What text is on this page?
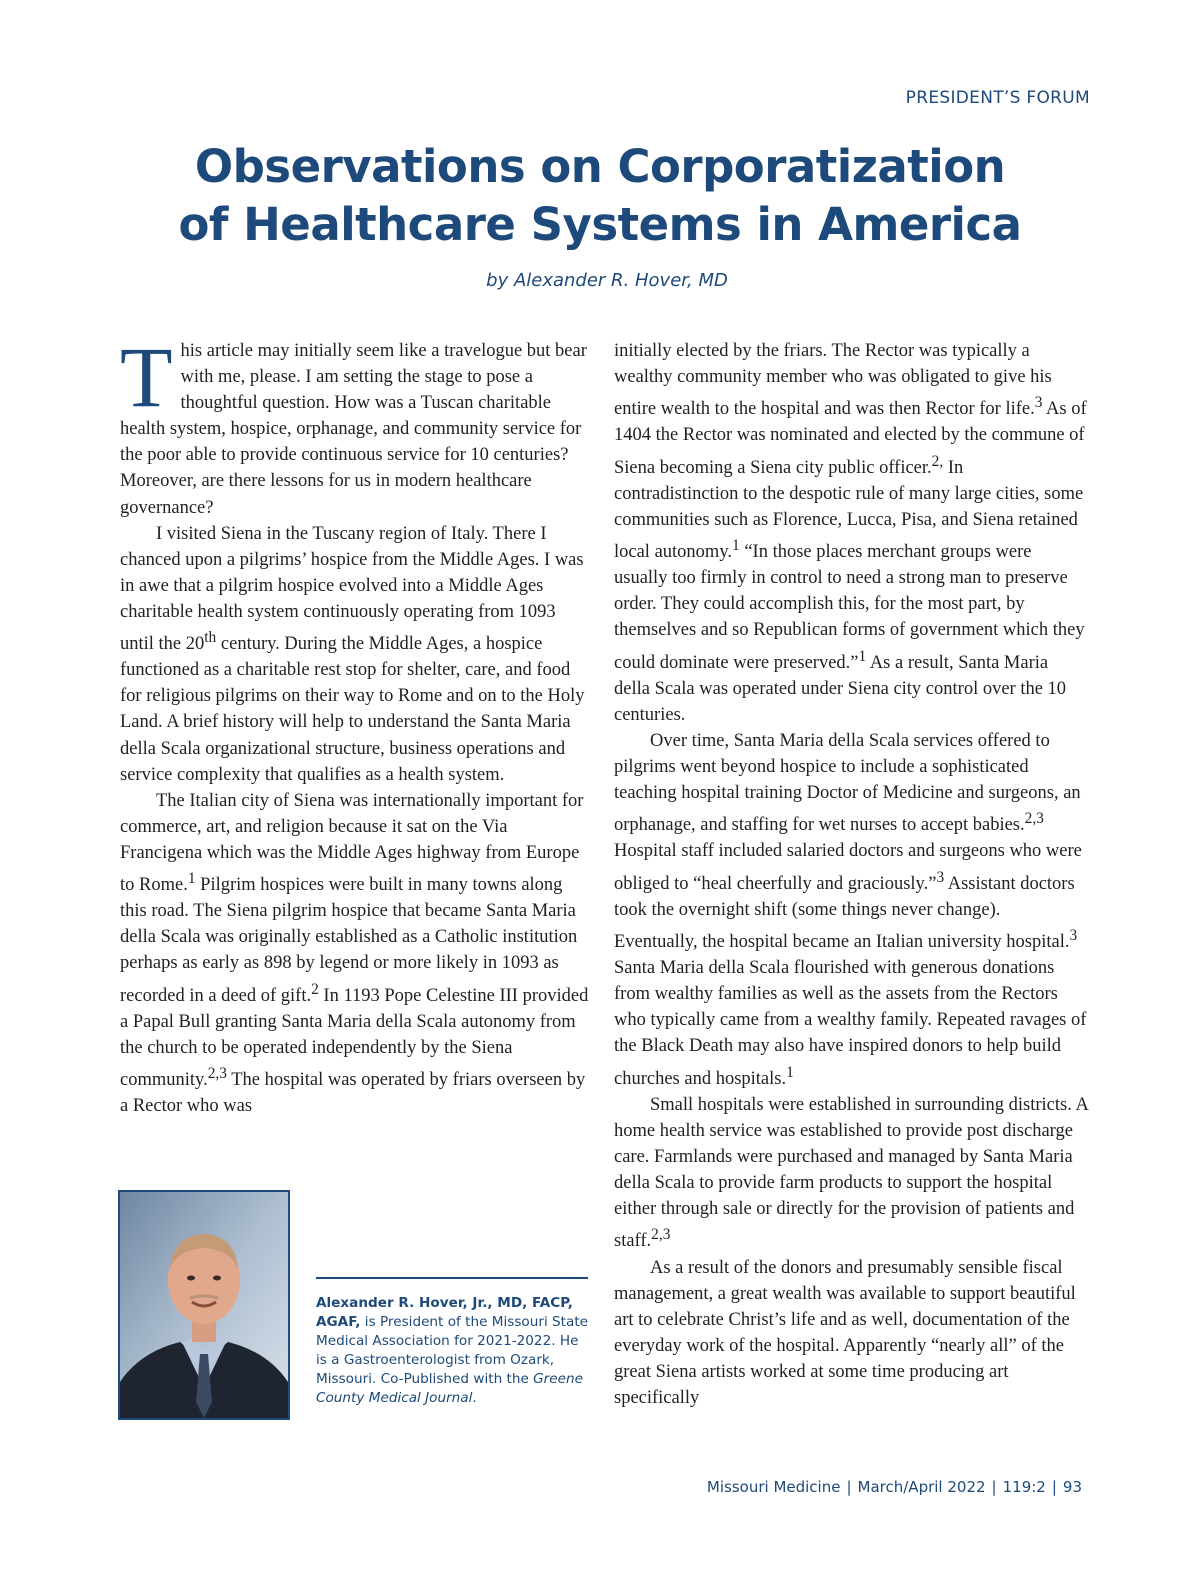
PRESIDENT’S FORUM
Observations on Corporatization
of Healthcare Systems in America
by Alexander R. Hover, MD

This article may initially seem like a travelogue but bear with me, please. I am setting the stage to pose a thoughtful question. How was a Tuscan charitable health system, hospice, orphanage, and community service for the poor able to provide continuous service for 10 centuries? Moreover, are there lessons for us in modern healthcare governance?

I visited Siena in the Tuscany region of Italy. There I chanced upon a pilgrims’ hospice from the Middle Ages. I was in awe that a pilgrim hospice evolved into a Middle Ages charitable health system continuously operating from 1093 until the 20th century. During the Middle Ages, a hospice functioned as a charitable rest stop for shelter, care, and food for religious pilgrims on their way to Rome and on to the Holy Land. A brief history will help to understand the Santa Maria della Scala organizational structure, business operations and service complexity that qualifies as a health system.

The Italian city of Siena was internationally important for commerce, art, and religion because it sat on the Via Francigena which was the Middle Ages highway from Europe to Rome.$^1$ Pilgrim hospices were built in many towns along this road. The Siena pilgrim hospice that became Santa Maria della Scala was originally established as a Catholic institution perhaps as early as 898 by legend or more likely in 1093 as recorded in a deed of gift.$^2$ In 1193 Pope Celestine III provided a Papal Bull granting Santa Maria della Scala autonomy from the church to be operated independently by the Siena community.$^{2,3}$ The hospital was operated by friars overseen by a Rector who was

initially elected by the friars. The Rector was typically a wealthy community member who was obligated to give his entire wealth to the hospital and was then Rector for life.$^3$ As of 1404 the Rector was nominated and elected by the commune of Siena becoming a Siena city public officer.$^{2,}$ In contradistinction to the despotic rule of many large cities, some communities such as Florence, Lucca, Pisa, and Siena retained local autonomy.$^1$ “In those places merchant groups were usually too firmly in control to need a strong man to preserve order. They could accomplish this, for the most part, by themselves and so Republican forms of government which they could dominate were preserved.”$^1$ As a result, Santa Maria della Scala was operated under Siena city control over the 10 centuries.

Over time, Santa Maria della Scala services offered to pilgrims went beyond hospice to include a sophisticated teaching hospital training Doctor of Medicine and surgeons, an orphanage, and staffing for wet nurses to accept babies.$^{2,3}$ Hospital staff included salaried doctors and surgeons who were obliged to “heal cheerfully and graciously.”$^3$ Assistant doctors took the overnight shift (some things never change). Eventually, the hospital became an Italian university hospital.$^3$ Santa Maria della Scala flourished with generous donations from wealthy families as well as the assets from the Rectors who typically came from a wealthy family. Repeated ravages of the Black Death may also have inspired donors to help build churches and hospitals.$^1$

Small hospitals were established in surrounding districts. A home health service was established to provide post discharge care. Farmlands were purchased and managed by Santa Maria della Scala to provide farm products to support the hospital either through sale or directly for the provision of patients and staff.$^{2,3}$

As a result of the donors and presumably sensible fiscal management, a great wealth was available to support beautiful art to celebrate Christ’s life and as well, documentation of the everyday work of the hospital. Apparently “nearly all” of the great Siena artists worked at some time producing art specifically

Alexander R. Hover, Jr., MD, FACP, AGAF, is President of the Missouri State Medical Association for 2021-2022. He is a Gastroenterologist from Ozark, Missouri. Co-Published with the Greene County Medical Journal.
Missouri Medicine | March/April 2022 | 119:2 | 93
